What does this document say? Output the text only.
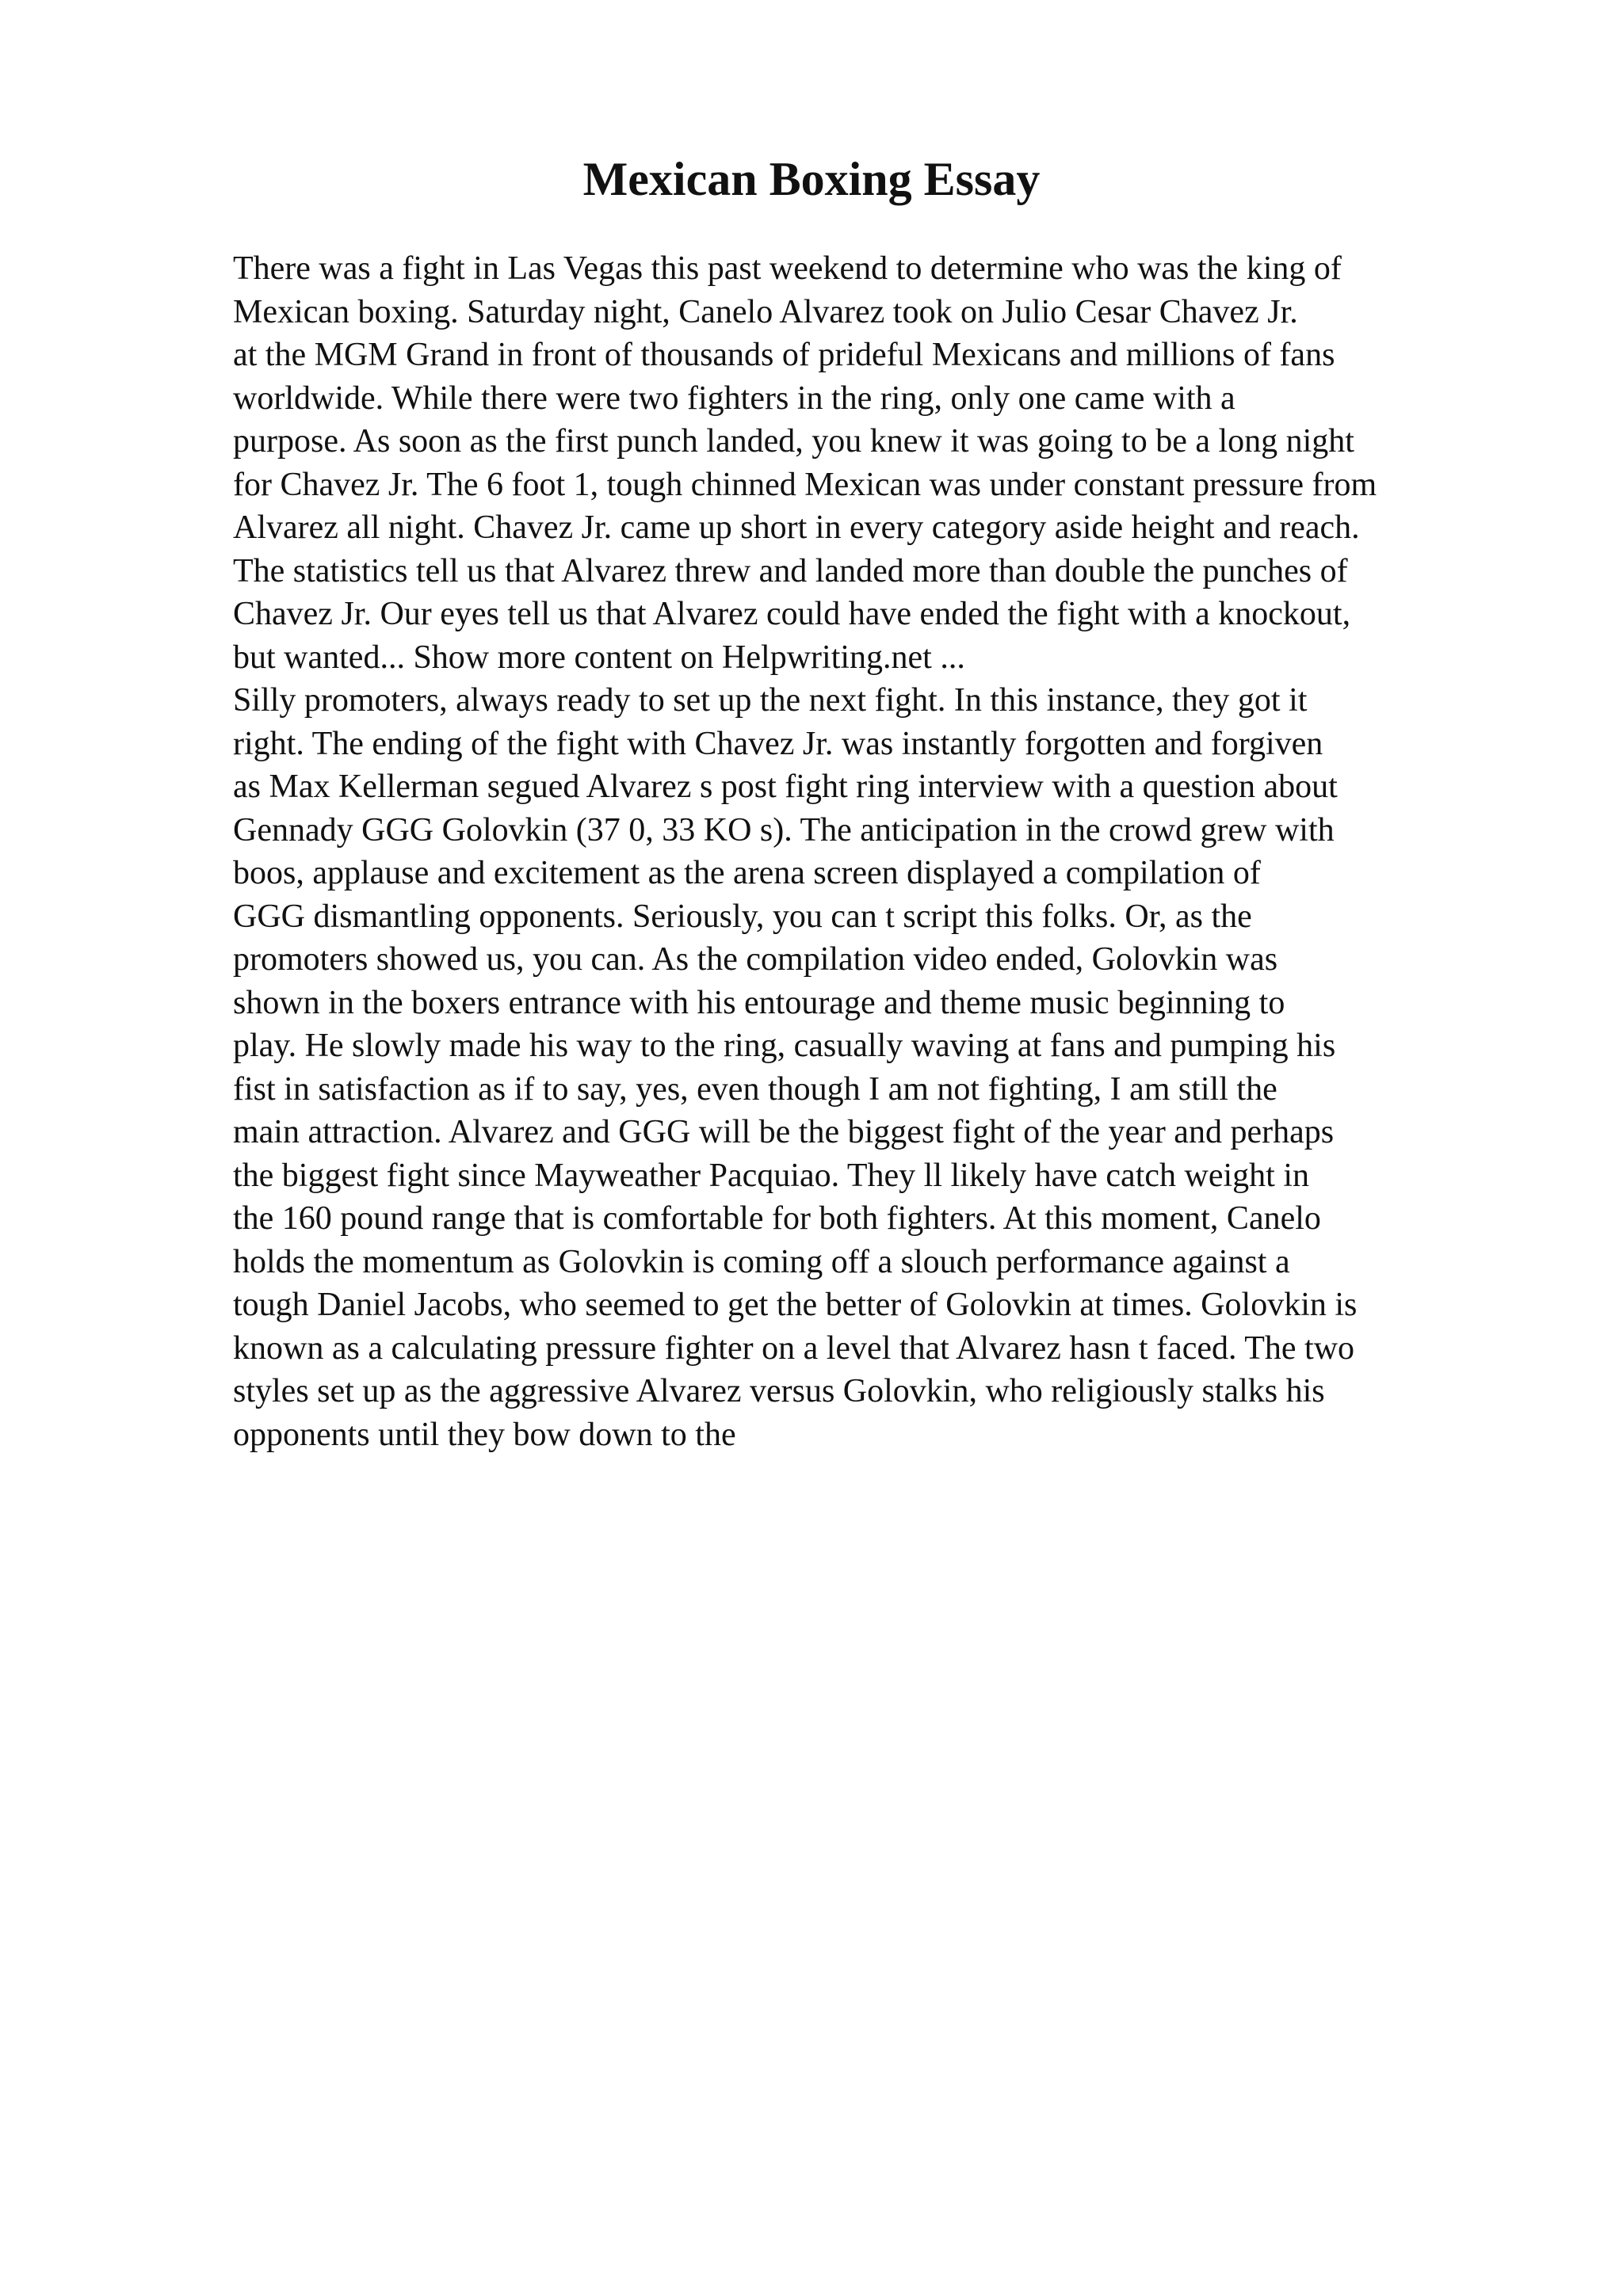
Mexican Boxing Essay
There was a fight in Las Vegas this past weekend to determine who was the king of
Mexican boxing. Saturday night, Canelo Alvarez took on Julio Cesar Chavez Jr.
at the MGM Grand in front of thousands of prideful Mexicans and millions of fans
worldwide. While there were two fighters in the ring, only one came with a
purpose. As soon as the first punch landed, you knew it was going to be a long night
for Chavez Jr. The 6 foot 1, tough chinned Mexican was under constant pressure from
Alvarez all night. Chavez Jr. came up short in every category aside height and reach.
The statistics tell us that Alvarez threw and landed more than double the punches of
Chavez Jr. Our eyes tell us that Alvarez could have ended the fight with a knockout,
but wanted... Show more content on Helpwriting.net ...
Silly promoters, always ready to set up the next fight. In this instance, they got it
right. The ending of the fight with Chavez Jr. was instantly forgotten and forgiven
as Max Kellerman segued Alvarez s post fight ring interview with a question about
Gennady GGG Golovkin (37 0, 33 KO s). The anticipation in the crowd grew with
boos, applause and excitement as the arena screen displayed a compilation of
GGG dismantling opponents. Seriously, you can t script this folks. Or, as the
promoters showed us, you can. As the compilation video ended, Golovkin was
shown in the boxers entrance with his entourage and theme music beginning to
play. He slowly made his way to the ring, casually waving at fans and pumping his
fist in satisfaction as if to say, yes, even though I am not fighting, I am still the
main attraction. Alvarez and GGG will be the biggest fight of the year and perhaps
the biggest fight since Mayweather Pacquiao. They ll likely have catch weight in
the 160 pound range that is comfortable for both fighters. At this moment, Canelo
holds the momentum as Golovkin is coming off a slouch performance against a
tough Daniel Jacobs, who seemed to get the better of Golovkin at times. Golovkin is
known as a calculating pressure fighter on a level that Alvarez hasn t faced. The two
styles set up as the aggressive Alvarez versus Golovkin, who religiously stalks his
opponents until they bow down to the
